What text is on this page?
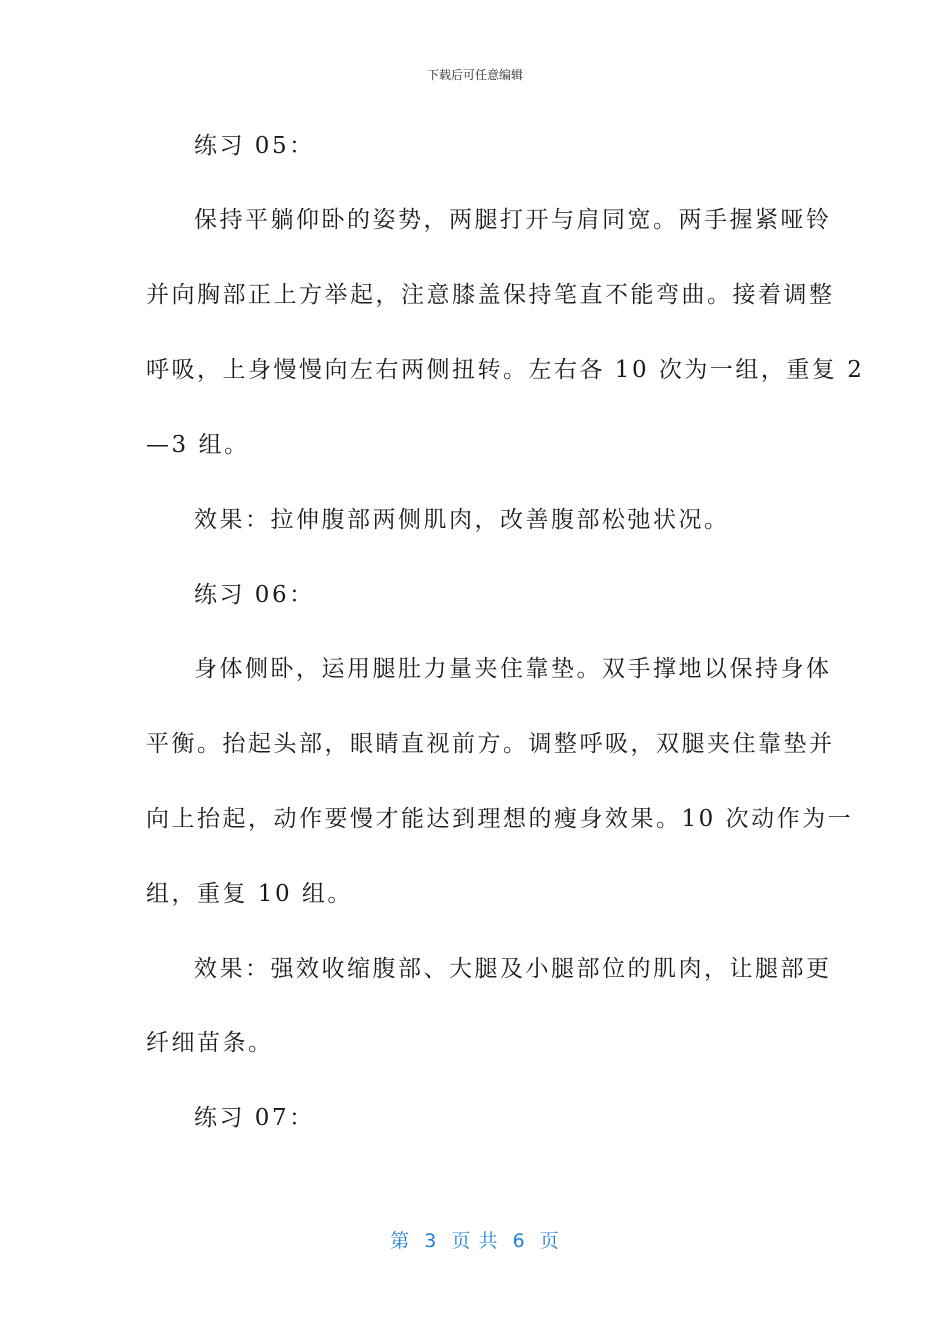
下载后可任意编辑
练习 05：
保持平躺仰卧的姿势，两腿打开与肩同宽。两手握紧哑铃
并向胸部正上方举起，注意膝盖保持笔直不能弯曲。接着调整
呼吸，上身慢慢向左右两侧扭转。左右各 10 次为一组，重复 2
—3 组。
效果：拉伸腹部两侧肌肉，改善腹部松弛状况。
练习 06：
身体侧卧，运用腿肚力量夹住靠垫。双手撑地以保持身体
平衡。抬起头部，眼睛直视前方。调整呼吸，双腿夹住靠垫并
向上抬起，动作要慢才能达到理想的瘦身效果。10 次动作为一
组，重复 10 组。
效果：强效收缩腹部、大腿及小腿部位的肌肉，让腿部更
纤细苗条。
练习 07：
第  3  页 共  6  页
